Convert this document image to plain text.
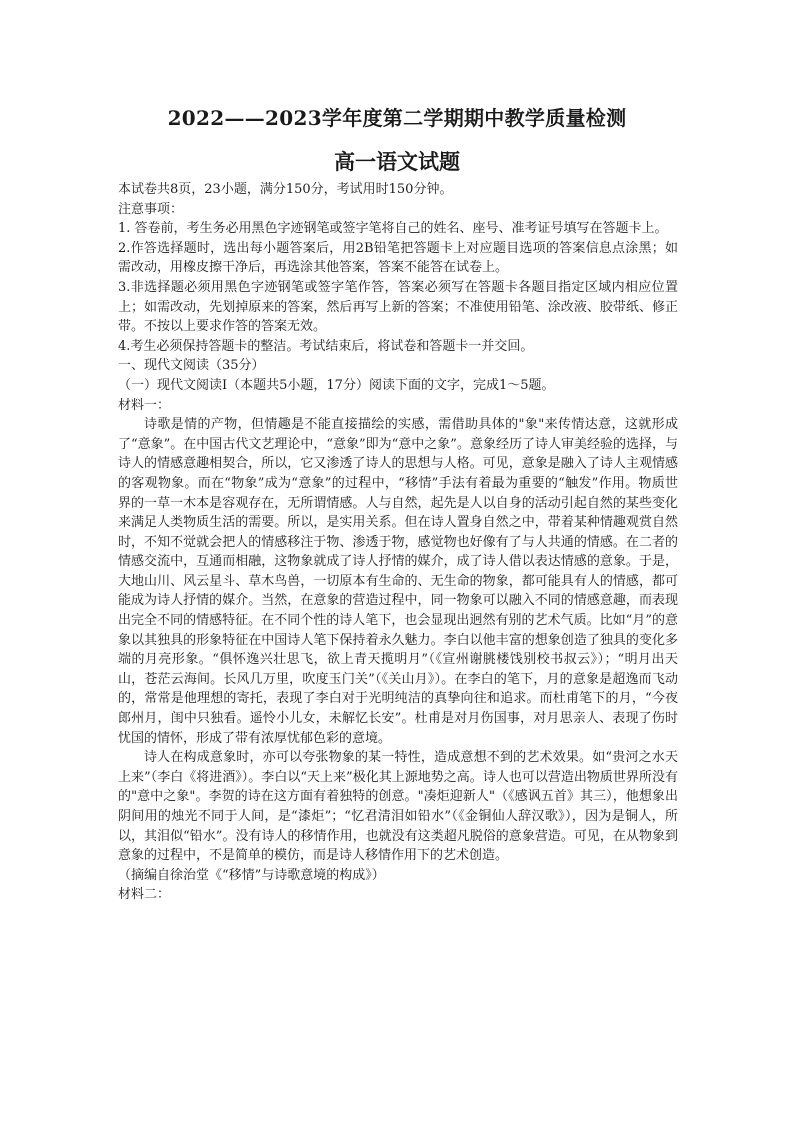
2022——2023学年度第二学期期中教学质量检测
高一语文试题

本试卷共8页，23小题，满分150分，考试用时150分钟。

注意事项：

1. 答卷前，考生务必用黑色字迹钢笔或签字笔将自己的姓名、座号、准考证号填写在答题卡上。

2.作答选择题时，选出每小题答案后，用2B铅笔把答题卡上对应题目选项的答案信息点涂黑；如需改动，用橡皮擦干净后，再选涂其他答案，答案不能答在试卷上。

3.非选择题必须用黑色字迹钢笔或签字笔作答，答案必须写在答题卡各题目指定区域内相应位置上；如需改动，先划掉原来的答案，然后再写上新的答案；不准使用铅笔、涂改液、胶带纸、修正带。不按以上要求作答的答案无效。

4.考生必须保持答题卡的整洁。考试结束后，将试卷和答题卡一并交回。

一、现代文阅读（35分）

（一）现代文阅读Ⅰ（本题共5小题，17分）阅读下面的文字，完成1～5题。

材料一：

诗歌是情的产物，但情趣是不能直接描绘的实感，需借助具体的"象"来传情达意，这就形成了“意象”。在中国古代文艺理论中，“意象”即为“意中之象”。意象经历了诗人审美经验的选择，与诗人的情感意趣相契合，所以，它又渗透了诗人的思想与人格。可见，意象是融入了诗人主观情感的客观物象。而在“物象”成为“意象”的过程中，“移情”手法有着最为重要的“触发”作用。物质世界的一草一木本是容观存在，无所谓情感。人与自然，起先是人以自身的活动引起自然的某些变化来满足人类物质生活的需要。所以，是实用关系。但在诗人置身自然之中，带着某种情趣观赏自然时，不知不觉就会把人的情感移注于物、渗透于物，感觉物也好像有了与人共通的情感。在二者的情感交流中，互通而相融，这物象就成了诗人抒情的媒介，成了诗人借以表达情感的意象。于是，大地山川、风云星斗、草木鸟兽，一切原本有生命的、无生命的物象，都可能具有人的情感，都可能成为诗人抒情的媒介。当然，在意象的营造过程中，同一物象可以融入不同的情感意趣，而表现出完全不同的情感特征。在不同个性的诗人笔下，也会显现出迥然有别的艺术气质。比如“月”的意象以其独具的形象特征在中国诗人笔下保持着永久魅力。李白以他丰富的想象创造了独具的变化多端的月亮形象。“俱怀逸兴壮思飞，欲上青天揽明月”（《宣州谢朓楼饯别校书叔云》）；“明月出天山，苍茫云海间。长风几万里，吹度玉门关”（《关山月》）。在李白的笔下，月的意象是超逸而飞动的，常常是他理想的寄托，表现了李白对于光明纯洁的真挚向往和追求。而杜甫笔下的月，“今夜郎州月，闺中只独看。遥怜小儿女，未解忆长安”。杜甫是对月伤国事，对月思亲人、表现了伤时忧国的情怀，形成了带有浓厚忧郁色彩的意境。

诗人在构成意象时，亦可以夸张物象的某一特性，造成意想不到的艺术效果。如“贵河之水天上来”（李白《将进酒》）。李白以“天上来”极化其上源地势之高。诗人也可以营造出物质世界所没有的"意中之象"。李贺的诗在这方面有着独特的创意。"凑炬迎新人"（《感讽五首》其三），他想象出阴间用的烛光不同于人间，是“漆炬”；“忆君清泪如铅水”（《金铜仙人辞汉歌》），因为是铜人，所以，其泪似“铅水”。没有诗人的移情作用，也就没有这类超凡脱俗的意象营造。可见，在从物象到意象的过程中，不是简单的模仿，而是诗人移情作用下的艺术创造。

（摘编自徐治堂《“移情”与诗歌意境的构成》）

材料二：
